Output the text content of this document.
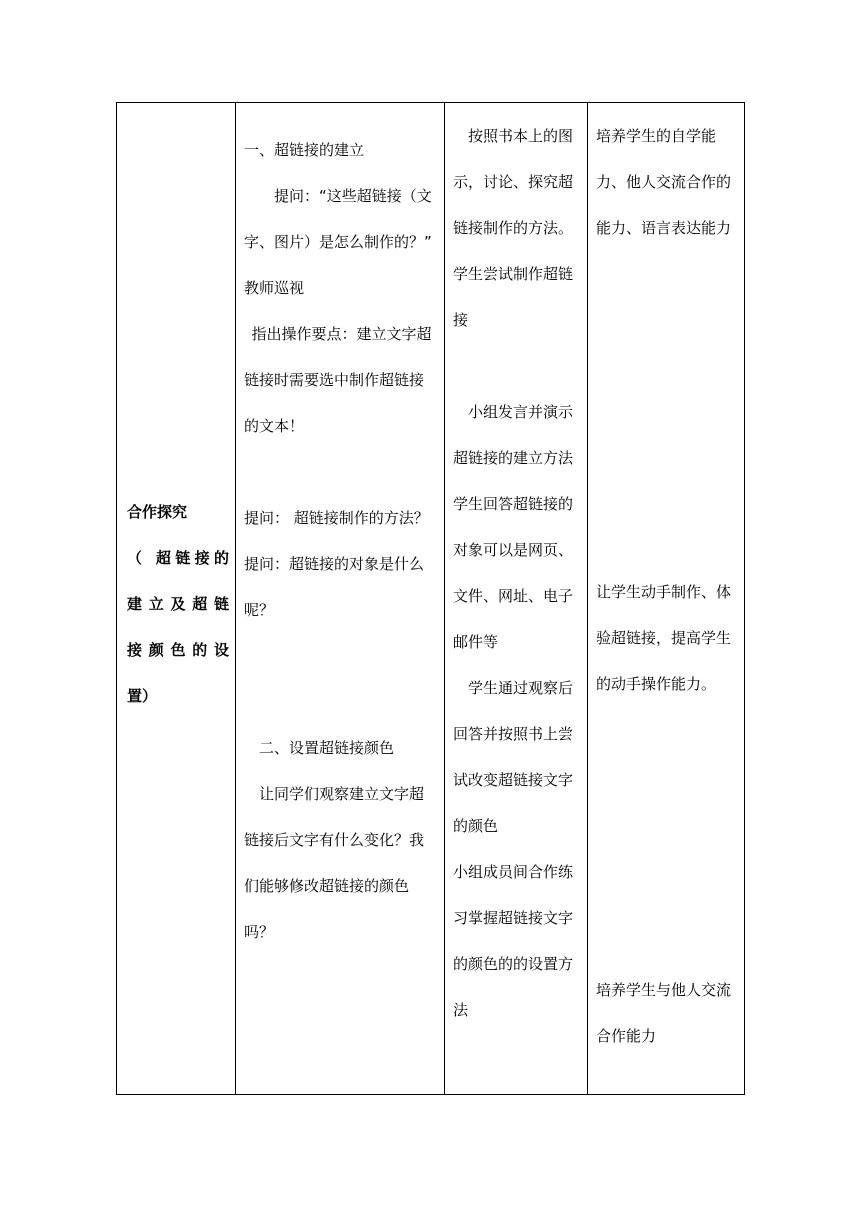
合作探究
（ 超链接的
建 立 及 超 链
接 颜 色 的 设
置）

一、超链接的建立
提问：“这些超链接（文字、图片）是怎么制作的？”
教师巡视
指出操作要点：建立文字超链接时需要选中制作超链接的文本！
提问： 超链接制作的方法？
提问：超链接的对象是什么呢？
二、设置超链接颜色
让同学们观察建立文字超链接后文字有什么变化？我们能够修改超链接的颜色吗？

按照书本上的图示，讨论、探究超链接制作的方法。
学生尝试制作超链接
小组发言并演示超链接的建立方法
学生回答超链接的对象可以是网页、文件、网址、电子邮件等
学生通过观察后回答并按照书上尝试改变超链接文字的颜色
小组成员间合作练习掌握超链接文字的颜色的的设置方法

培养学生的自学能力、他人交流合作的能力、语言表达能力
让学生动手制作、体验超链接，提高学生的动手操作能力。
培养学生与他人交流合作能力
